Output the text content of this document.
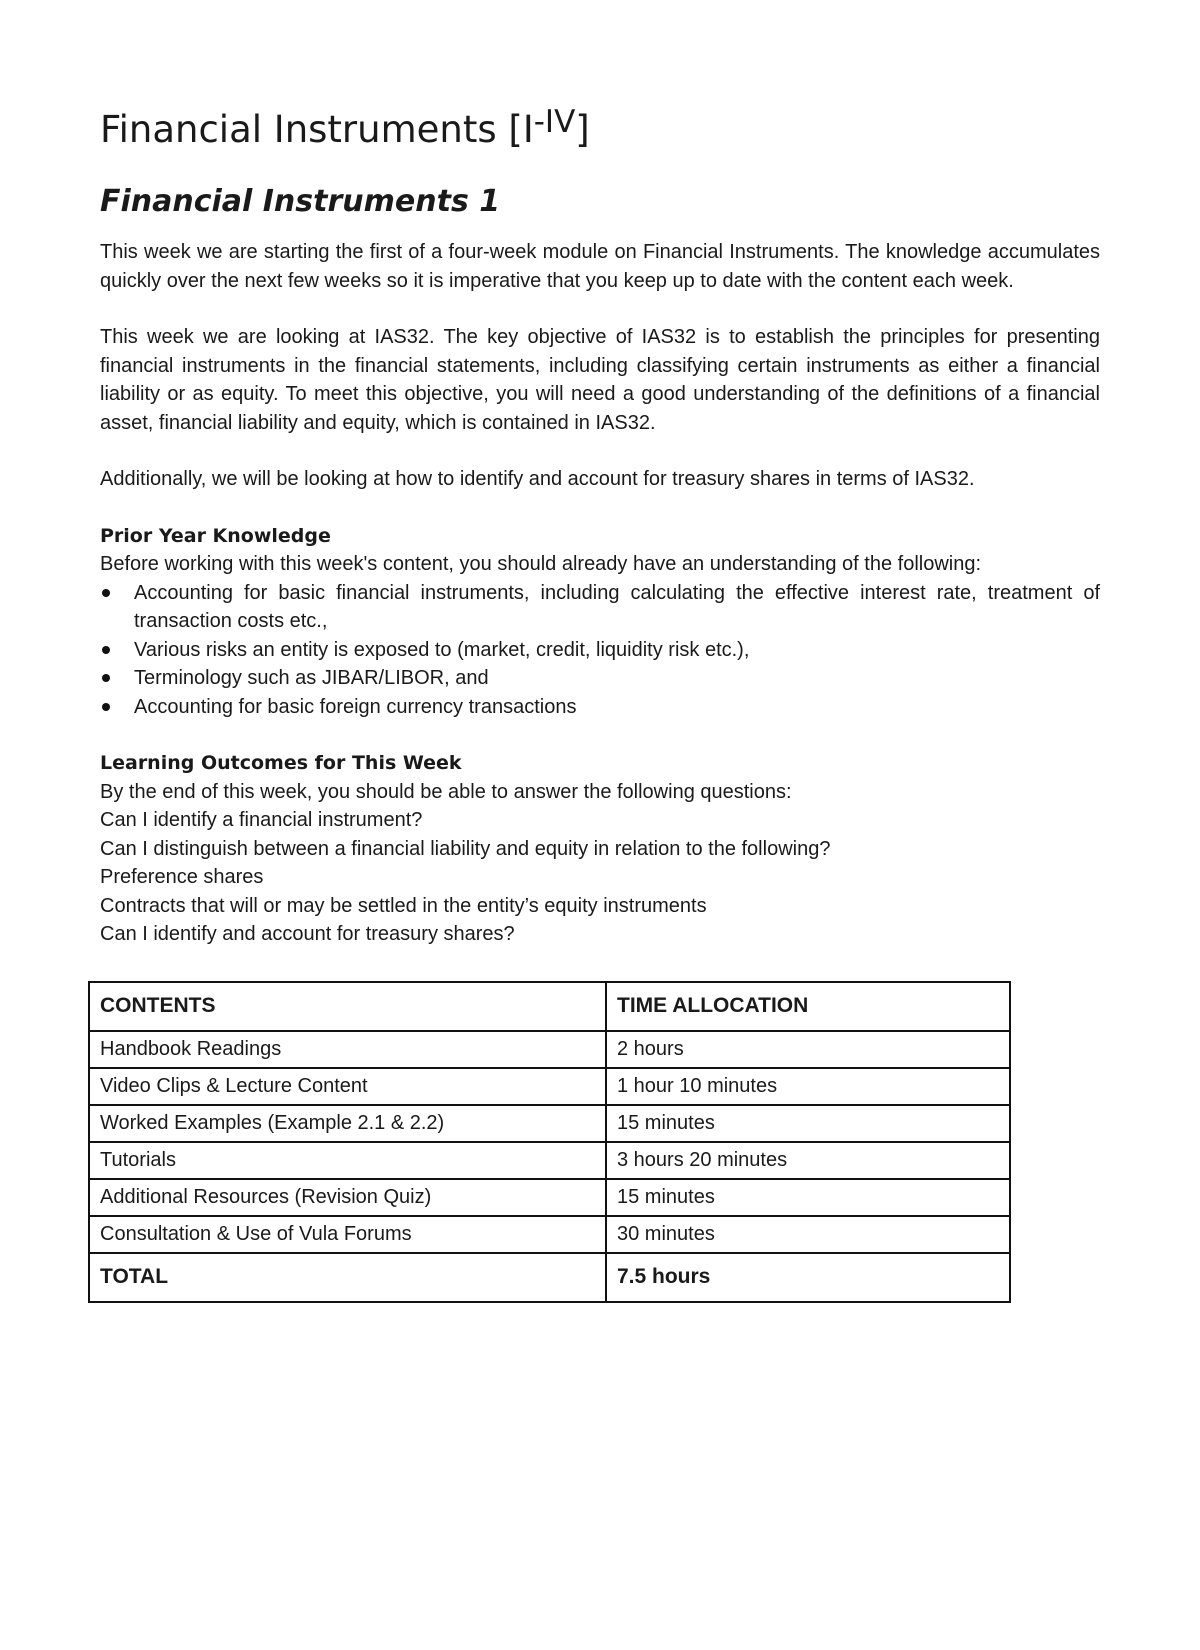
Financial Instruments $[I^{-IV}]$
Financial Instruments 1

This week we are starting the first of a four-week module on Financial Instruments. The knowledge accumulates quickly over the next few weeks so it is imperative that you keep up to date with the content each week.

This week we are looking at IAS32. The key objective of IAS32 is to establish the principles for presenting financial instruments in the financial statements, including classifying certain instruments as either a financial liability or as equity. To meet this objective, you will need a good understanding of the definitions of a financial asset, financial liability and equity, which is contained in IAS32.

Additionally, we will be looking at how to identify and account for treasury shares in terms of IAS32.

Prior Year Knowledge

Before working with this week's content, you should already have an understanding of the following:

Accounting for basic financial instruments, including calculating the effective interest rate, treatment of transaction costs etc.,
Various risks an entity is exposed to (market, credit, liquidity risk etc.),
Terminology such as JIBAR/LIBOR, and
Accounting for basic foreign currency transactions

Learning Outcomes for This Week

By the end of this week, you should be able to answer the following questions:

Can I identify a financial instrument?

Can I distinguish between a financial liability and equity in relation to the following?

Preference shares

Contracts that will or may be settled in the entity’s equity instruments

Can I identify and account for treasury shares?

CONTENTS	TIME ALLOCATION
Handbook Readings	2 hours
Video Clips & Lecture Content	1 hour 10 minutes
Worked Examples (Example 2.1 & 2.2)	15 minutes
Tutorials	3 hours 20 minutes
Additional Resources (Revision Quiz)	15 minutes
Consultation & Use of Vula Forums	30 minutes
TOTAL	7.5 hours
